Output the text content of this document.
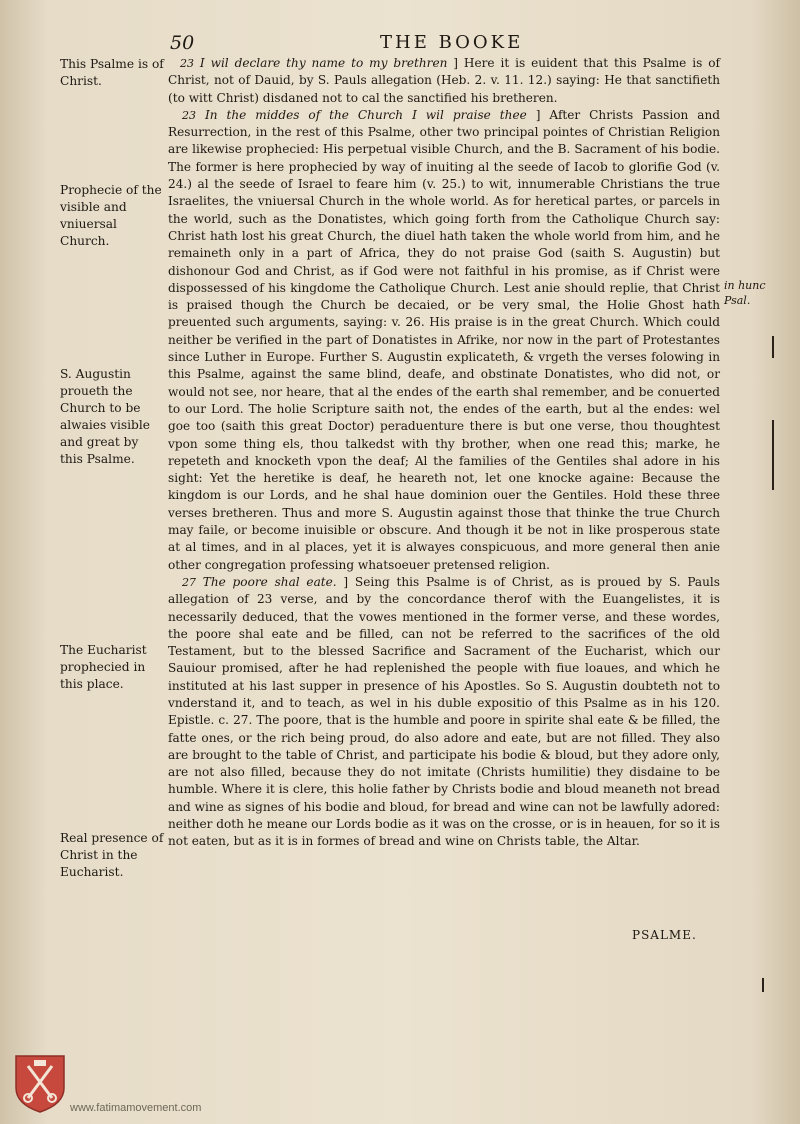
50	THE BOOKE
This Psalme is of Christ.
Prophecie of the visible and vniuersal Church.
S. Augustin proueth the Church to be alwaies visible and great by this Psalme.
The Eucharist prophecied in this place.
Real presence of Christ in the Eucharist.
in hunc Psal.

23 I wil declare thy name to my brethren ] Here it is euident that this Psalme is of Christ, not of Dauid, by S. Pauls allegation (Heb. 2. v. 11. 12.) saying: He that sanctifieth (to witt Christ) disdaned not to cal the sanctified his bretheren.

23 In the middes of the Church I wil praise thee ] After Christs Passion and Resurrection, in the rest of this Psalme, other two principal pointes of Christian Religion are likewise prophecied: His perpetual visible Church, and the B. Sacrament of his bodie. The former is here prophecied by way of inuiting al the seede of Iacob to glorifie God (v. 24.) al the seede of Israel to feare him (v. 25.) to wit, innumerable Christians the true Israelites, the vniuersal Church in the whole world. As for heretical partes, or parcels in the world, such as the Donatistes, which going forth from the Catholique Church say: Christ hath lost his great Church, the diuel hath taken the whole world from him, and he remaineth only in a part of Africa, they do not praise God (saith S. Augustin) but dishonour God and Christ, as if God were not faithful in his promise, as if Christ were dispossessed of his kingdome the Catholique Church. Lest anie should replie, that Christ is praised though the Church be decaied, or be very smal, the Holie Ghost hath preuented such arguments, saying: v. 26. His praise is in the great Church. Which could neither be verified in the part of Donatistes in Afrike, nor now in the part of Protestantes since Luther in Europe. Further S. Augustin explicateth, & vrgeth the verses folowing in this Psalme, against the same blind, deafe, and obstinate Donatistes, who did not, or would not see, nor heare, that al the endes of the earth shal remember, and be conuerted to our Lord. The holie Scripture saith not, the endes of the earth, but al the endes: wel goe too (saith this great Doctor) peraduenture there is but one verse, thou thoughtest vpon some thing els, thou talkedst with thy brother, when one read this; marke, he repeteth and knocketh vpon the deaf; Al the families of the Gentiles shal adore in his sight: Yet the heretike is deaf, he heareth not, let one knocke againe: Because the kingdom is our Lords, and he shal haue dominion ouer the Gentiles. Hold these three verses bretheren. Thus and more S. Augustin against those that thinke the true Church may faile, or become inuisible or obscure. And though it be not in like prosperous state at al times, and in al places, yet it is alwayes conspicuous, and more general then anie other congregation professing whatsoeuer pretensed religion.

27 The poore shal eate. ] Seing this Psalme is of Christ, as is proued by S. Pauls allegation of 23 verse, and by the concordance therof with the Euangelistes, it is necessarily deduced, that the vowes mentioned in the former verse, and these wordes, the poore shal eate and be filled, can not be referred to the sacrifices of the old Testament, but to the blessed Sacrifice and Sacrament of the Eucharist, which our Sauiour promised, after he had replenished the people with fiue loaues, and which he instituted at his last supper in presence of his Apostles. So S. Augustin doubteth not to vnderstand it, and to teach, as wel in his duble expositio of this Psalme as in his 120. Epistle. c. 27. The poore, that is the humble and poore in spirite shal eate & be filled, the fatte ones, or the rich being proud, do also adore and eate, but are not filled. They also are brought to the table of Christ, and participate his bodie & bloud, but they adore only, are not also filled, because they do not imitate (Christs humilitie) they disdaine to be humble. Where it is clere, this holie father by Christs bodie and bloud meaneth not bread and wine as signes of his bodie and bloud, for bread and wine can not be lawfully adored: neither doth he meane our Lords bodie as it was on the crosse, or is in heauen, for so it is not eaten, but as it is in formes of bread and wine on Christs table, the Altar.

PSALME.
www.fatimamovement.com
